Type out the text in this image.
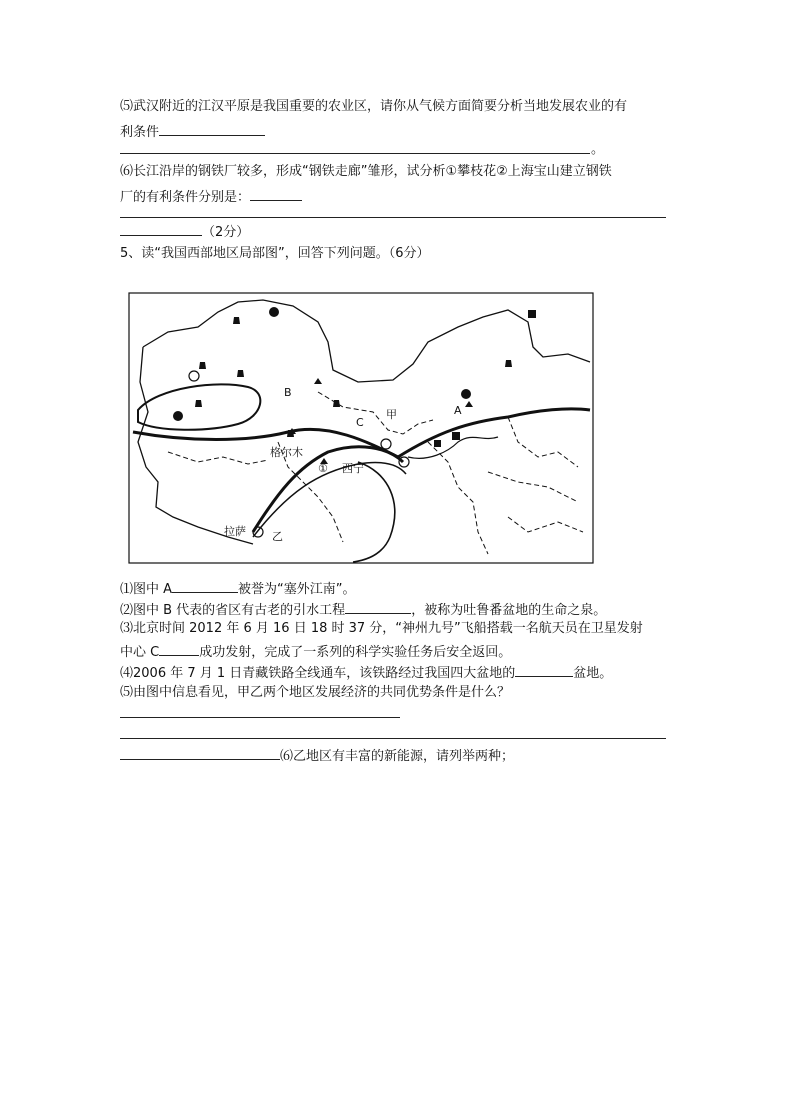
⑸武汉附近的江汉平原是我国重要的农业区，请你从气候方面简要分析当地发展农业的有
利条件
。
⑹长江沿岸的钢铁厂较多，形成“钢铁走廊”雏形，试分析①攀枝花②上海宝山建立钢铁
厂的有利条件分别是：
（2分）
5、读“我国西部地区局部图”，回答下列问题。（6分）
B
A
C
甲
乙
格尔木
西宁
拉萨
①
⑴图中 A	被誉为“塞外江南”。
⑵图中 B 代表的省区有古老的引水工程	，被称为吐鲁番盆地的生命之泉。
⑶北京时间 2012 年 6 月 16 日 18 时 37 分，“神州九号”飞船搭载一名航天员在卫星发射
中心 C	成功发射，完成了一系列的科学实验任务后安全返回。
⑷2006 年 7 月 1 日青藏铁路全线通车，该铁路经过我国四大盆地的	盆地。
⑸由图中信息看见，甲乙两个地区发展经济的共同优势条件是什么？
⑹乙地区有丰富的新能源，请列举两种；
